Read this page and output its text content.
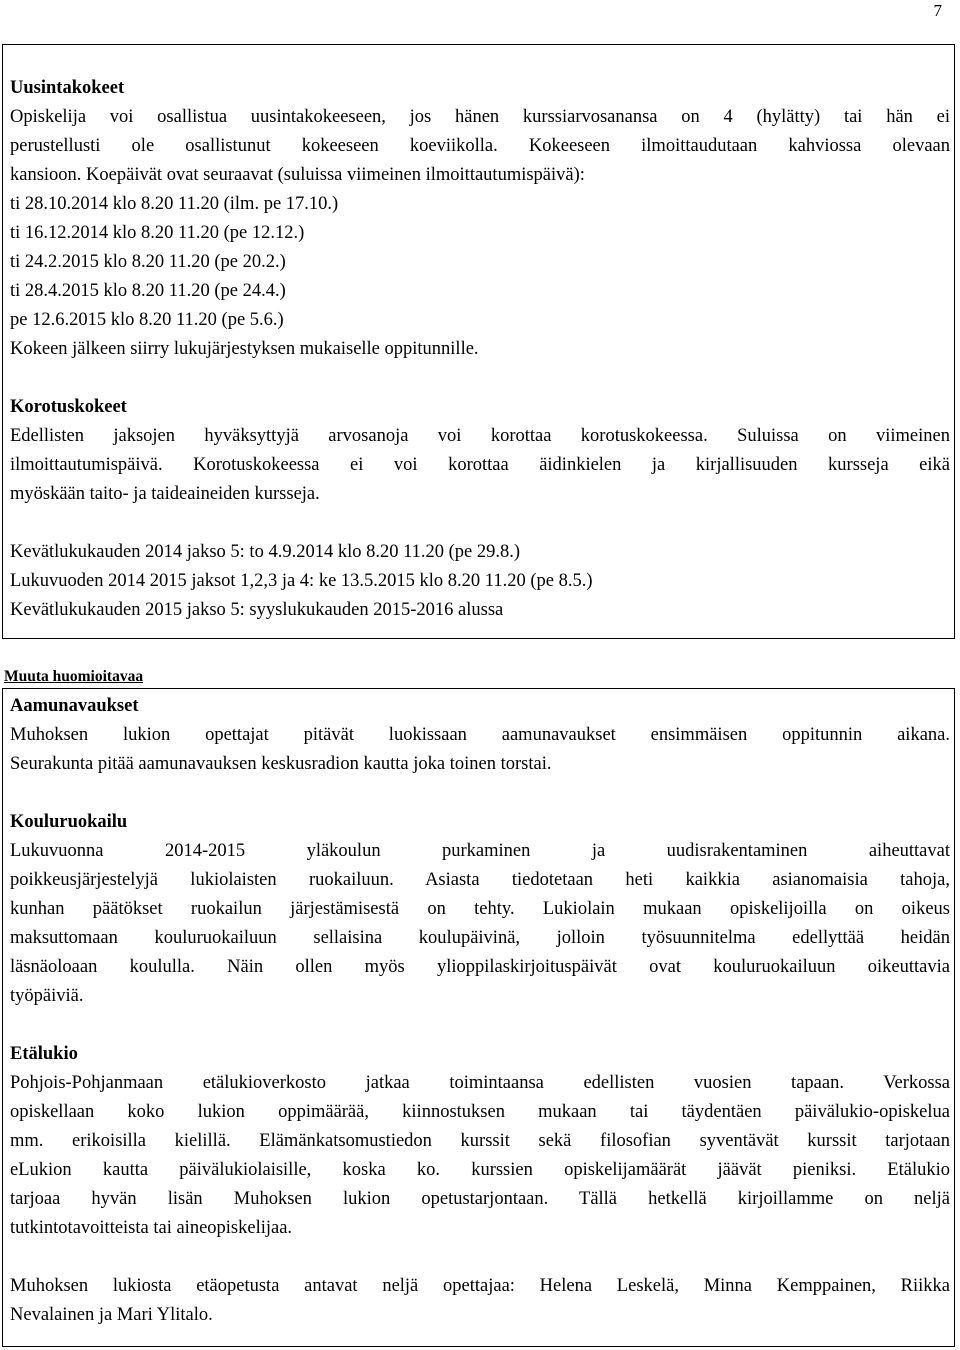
7
Uusintakokeet
Opiskelija voi osallistua uusintakokeeseen, jos hänen kurssiarvosanansa on 4 (hylätty) tai hän ei
perustellusti ole osallistunut kokeeseen koeviikolla. Kokeeseen ilmoittaudutaan kahviossa olevaan
kansioon. Koepäivät ovat seuraavat (suluissa viimeinen ilmoittautumispäivä):
ti 28.10.2014 klo 8.20 11.20 (ilm. pe 17.10.)
ti 16.12.2014 klo 8.20 11.20 (pe 12.12.)
ti 24.2.2015 klo 8.20 11.20 (pe 20.2.)
ti 28.4.2015 klo 8.20 11.20 (pe 24.4.)
pe 12.6.2015 klo 8.20 11.20 (pe 5.6.)
Kokeen jälkeen siirry lukujärjestyksen mukaiselle oppitunnille.
Korotuskokeet
Edellisten jaksojen hyväksyttyjä arvosanoja voi korottaa korotuskokeessa. Suluissa on viimeinen
ilmoittautumispäivä. Korotuskokeessa ei voi korottaa äidinkielen ja kirjallisuuden kursseja eikä
myöskään taito- ja taideaineiden kursseja.
Kevätlukukauden 2014 jakso 5: to 4.9.2014 klo 8.20 11.20 (pe 29.8.)
Lukuvuoden 2014 2015 jaksot 1,2,3 ja 4: ke 13.5.2015 klo 8.20 11.20 (pe 8.5.)
Kevätlukukauden 2015 jakso 5: syyslukukauden 2015-2016 alussa
Muuta huomioitavaa
Aamunavaukset
Muhoksen lukion opettajat pitävät luokissaan aamunavaukset ensimmäisen oppitunnin aikana.
Seurakunta pitää aamunavauksen keskusradion kautta joka toinen torstai.
Kouluruokailu
Lukuvuonna 2014-2015 yläkoulun purkaminen ja uudisrakentaminen aiheuttavat
poikkeusjärjestelyjä lukiolaisten ruokailuun. Asiasta tiedotetaan heti kaikkia asianomaisia tahoja,
kunhan päätökset ruokailun järjestämisestä on tehty. Lukiolain mukaan opiskelijoilla on oikeus
maksuttomaan kouluruokailuun sellaisina koulupäivinä, jolloin työsuunnitelma edellyttää heidän
läsnäoloaan koululla. Näin ollen myös ylioppilaskirjoituspäivät ovat kouluruokailuun oikeuttavia
työpäiviä.
Etälukio
Pohjois-Pohjanmaan etälukioverkosto jatkaa toimintaansa edellisten vuosien tapaan. Verkossa
opiskellaan koko lukion oppimäärää, kiinnostuksen mukaan tai täydentäen päivälukio-opiskelua
mm. erikoisilla kielillä. Elämänkatsomustiedon kurssit sekä filosofian syventävät kurssit tarjotaan
eLukion kautta päivälukiolaisille, koska ko. kurssien opiskelijamäärät jäävät pieniksi. Etälukio
tarjoaa hyvän lisän Muhoksen lukion opetustarjontaan. Tällä hetkellä kirjoillamme on neljä
tutkintotavoitteista tai aineopiskelijaa.
Muhoksen lukiosta etäopetusta antavat neljä opettajaa: Helena Leskelä, Minna Kemppainen, Riikka
Nevalainen ja Mari Ylitalo.
